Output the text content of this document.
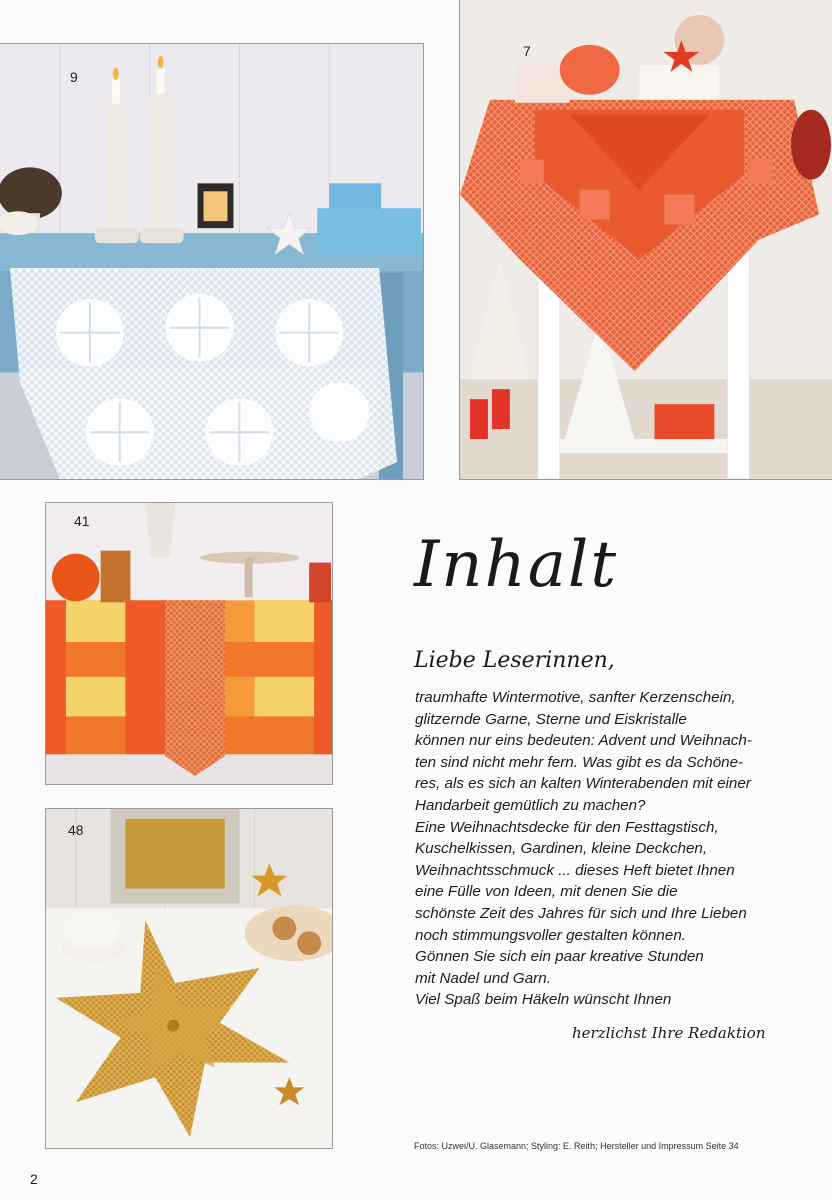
9
7
41
48
Inhalt
Liebe Leserinnen,
traumhafte Wintermotive, sanfter Kerzenschein,
glitzernde Garne, Sterne und Eiskristalle
können nur eins bedeuten: Advent und Weihnach-
ten sind nicht mehr fern. Was gibt es da Schöne-
res, als es sich an kalten Winterabenden mit einer
Handarbeit gemütlich zu machen?
Eine Weihnachtsdecke für den Festtagstisch,
Kuschelkissen, Gardinen, kleine Deckchen,
Weihnachtsschmuck ... dieses Heft bietet Ihnen
eine Fülle von Ideen, mit denen Sie die
schönste Zeit des Jahres für sich und Ihre Lieben
noch stimmungsvoller gestalten können.
Gönnen Sie sich ein paar kreative Stunden
mit Nadel und Garn.
Viel Spaß beim Häkeln wünscht Ihnen
herzlichst Ihre Redaktion
Fotos: Uzwei/U. Glasemann; Styling: E. Reith; Hersteller und Impressum Seite 34
2
